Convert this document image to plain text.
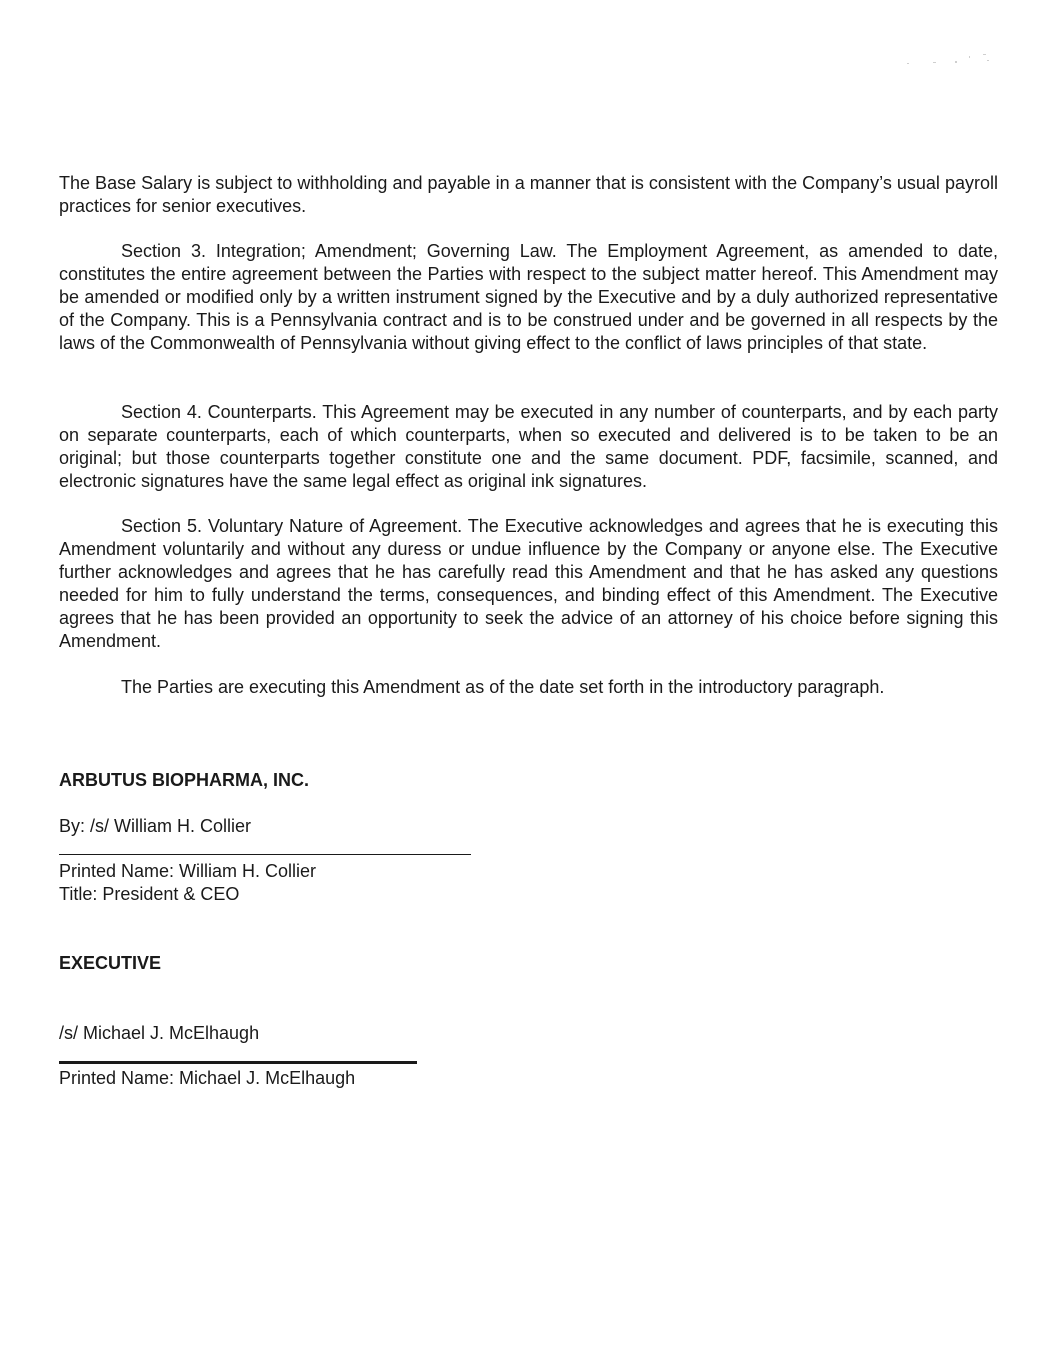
The Base Salary is subject to withholding and payable in a manner that is consistent with the Company’s usual payroll practices for senior executives.

Section 3. Integration; Amendment; Governing Law. The Employment Agreement, as amended to date, constitutes the entire agreement between the Parties with respect to the subject matter hereof. This Amendment may be amended or modified only by a written instrument signed by the Executive and by a duly authorized representative of the Company. This is a Pennsylvania contract and is to be construed under and be governed in all respects by the laws of the Commonwealth of Pennsylvania without giving effect to the conflict of laws principles of that state.

Section 4. Counterparts. This Agreement may be executed in any number of counterparts, and by each party on separate counterparts, each of which counterparts, when so executed and delivered is to be taken to be an original; but those counterparts together constitute one and the same document. PDF, facsimile, scanned, and electronic signatures have the same legal effect as original ink signatures.

Section 5. Voluntary Nature of Agreement. The Executive acknowledges and agrees that he is executing this Amendment voluntarily and without any duress or undue influence by the Company or anyone else. The Executive further acknowledges and agrees that he has carefully read this Amendment and that he has asked any questions needed for him to fully understand the terms, consequences, and binding effect of this Amendment. The Executive agrees that he has been provided an opportunity to seek the advice of an attorney of his choice before signing this Amendment.

The Parties are executing this Amendment as of the date set forth in the introductory paragraph.

ARBUTUS BIOPHARMA, INC.
By: /s/ William H. Collier
Printed Name: William H. Collier
Title: President & CEO
EXECUTIVE
/s/ Michael J. McElhaugh
Printed Name: Michael J. McElhaugh
